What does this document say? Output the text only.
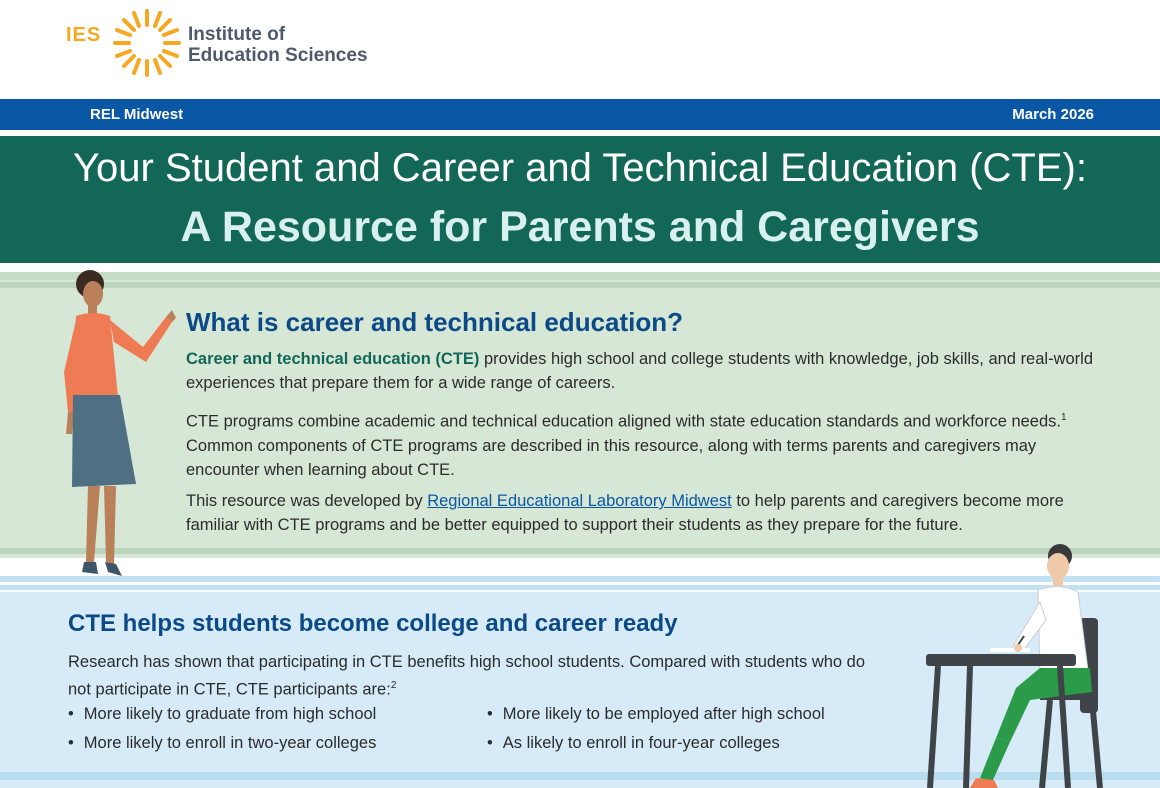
IES	Institute of
Education Sciences
REL Midwest	March 2026
Your Student and Career and Technical Education (CTE):
A Resource for Parents and Caregivers
What is career and technical education?
Career and technical education (CTE) provides high school and college students with knowledge, job skills, and real-world experiences that prepare them for a wide range of careers.
CTE programs combine academic and technical education aligned with state education standards and workforce needs.$^1$ Common components of CTE programs are described in this resource, along with terms parents and caregivers may encounter when learning about CTE.
This resource was developed by Regional Educational Laboratory Midwest to help parents and caregivers become more familiar with CTE programs and be better equipped to support their students as they prepare for the future.
CTE helps students become college and career ready
Research has shown that participating in CTE benefits high school students. Compared with students who do not participate in CTE, CTE participants are:$^2$
• More likely to graduate from high school
• More likely to enroll in two-year colleges
• More likely to be employed after high school
• As likely to enroll in four-year colleges
